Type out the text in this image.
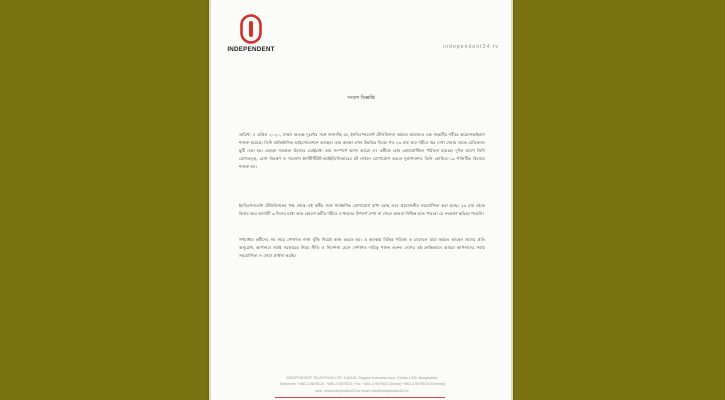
INDEPENDENT	independent24.tv
সংবাদ বিজ্ঞপ্তি

তারিখ: ৪ এপ্রিল ২০২০, ঢাকা। অত্যন্ত দুঃখের সঙ্গে জানাচ্ছি যে, ইনডিপেনডেন্ট টেলিভিশনে কর্মরত আমাদের এক সহকর্মীর শরীরে করোনাভাইরাস শনাক্ত হয়েছে। তিনি প্রাতিষ্ঠানিক আইসোলেশনে আছেন। তার অবস্থা এখন উন্নতির দিকে। গত ২৬ মার্চ তার শরীরে জ্বর দেখা দেয়ায় তাকে মেডিক্যাল ছুটি দেয়া হয়। এছাড়া সতর্কতা হিসেবে এরইমধ্যে তার সংস্পর্শে আসা আরো ৪৭ কর্মীকে হোম কোয়ারান্টিনে পাঠানো হয়েছে। দুদিন আগে তিনি রোগতত্ত্ব, রোগ নিয়ন্ত্রণ ও গবেষণা ইনস্টিটিউট-আইইডিসিআরের হট লাইনে যোগাযোগ করলে দুর্ভাগ্যবশত তিনি কোভিড-১৯ পজিটিভ হিসেবে শনাক্ত হন।

ইনডিপেনডেন্ট টেলিভিশনের পক্ষ থেকে ওই কর্মীর সঙ্গে সার্বক্ষণিক যোগাযোগ রাখা হচ্ছে এবং প্রয়োজনীয় সহযোগিতা করা হচ্ছে। ২৬ মার্চ থেকে হিসাব করে আগামী ৩ দিনের মধ্যে আর কোনো কর্মীর শরীরে এ ধরনের উপসর্গ দেখা না গেলে আমরা নিশ্চিন্ত হতে পারবো যে সংক্রমণ ছড়িয়ে পড়েনি।

গণমাধ্যম কর্মীদের সব সময় পেশাগত নানা ঝুঁকি নিয়েই কাজ করতে হয়। এ অবস্থায় বিভিন্ন পত্রিকা ও চ্যানেলে যারা কর্মরত আছেন তাদের প্রতি অনুরোধ, আপনারা সবাই সরকারের নিয়ম নীতি ও নির্দেশনা মেনে পেশাগত দায়িত্ব পালন করুন। দেশের এই ক্রান্তিকালে আমরা আপনাদের সবার সহযোগিতা ও দোয়া প্রার্থনা করছি।

INDEPENDENT TELEVISION LTD. 146/1​50, Tejgaon Industrial Area, Dhaka-1208, Bangladesh
Telephone: +880-2-9878020, +880-2-9878022, Fax: +880-2-9878021 (News) +880-2-9878023 (General)
web: www.independent24.tv email: info@independent24.tv
